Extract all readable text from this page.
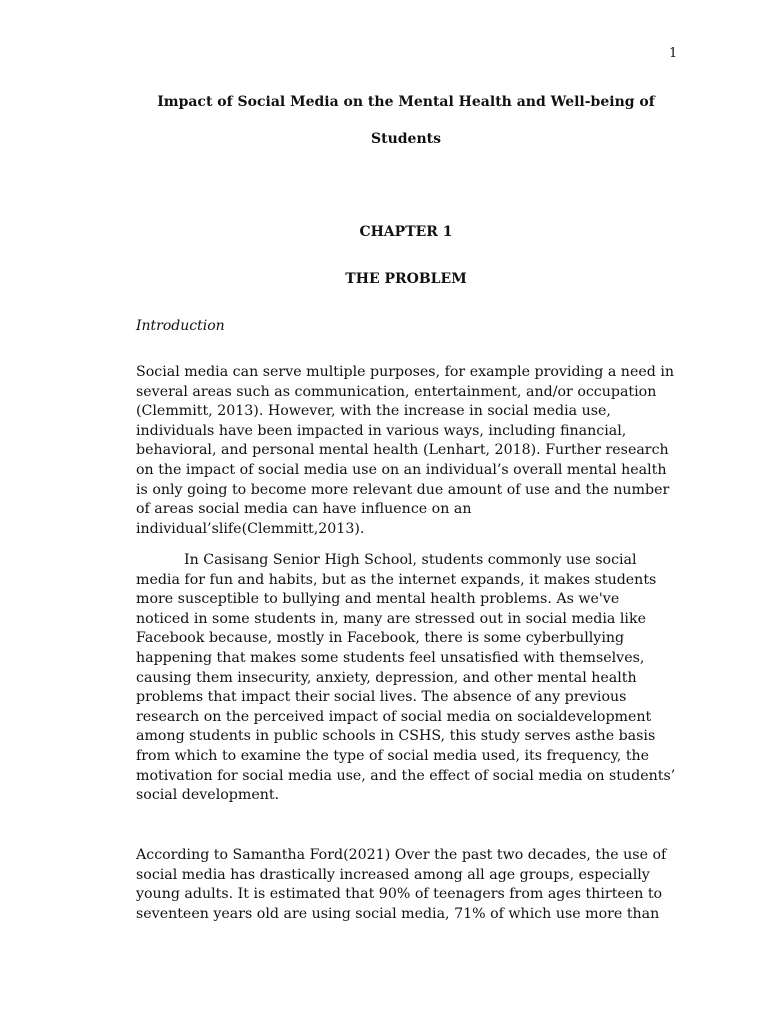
1
Impact of Social Media on the Mental Health and Well-being of
Students
CHAPTER 1
THE PROBLEM
Introduction

Social media can serve multiple purposes, for example providing a need in several areas such as communication, entertainment, and/or occupation (Clemmitt, 2013). However, with the increase in social media use, individuals have been impacted in various ways, including financial, behavioral, and personal mental health (Lenhart, 2018). Further research on the impact of social media use on an individual’s overall mental health is only going to become more relevant due amount of use and the number of areas social media can have influence on an individual’slife(Clemmitt,2013).

In Casisang Senior High School, students commonly use social media for fun and habits, but as the internet expands, it makes students more susceptible to bullying and mental health problems. As we've noticed in some students in, many are stressed out in social media like Facebook because, mostly in Facebook, there is some cyberbullying happening that makes some students feel unsatisfied with themselves, causing them insecurity, anxiety, depression, and other mental health problems that impact their social lives. The absence of any previous research on the perceived impact of social media on socialdevelopment among students in public schools in CSHS, this study serves asthe basis from which to examine the type of social media used, its frequency, the motivation for social media use, and the effect of social media on students’ social development.

According to Samantha Ford(2021) Over the past two decades, the use of social media has drastically increased among all age groups, especially young adults. It is estimated that 90% of teenagers from ages thirteen to seventeen years old are using social media, 71% of which use more than
